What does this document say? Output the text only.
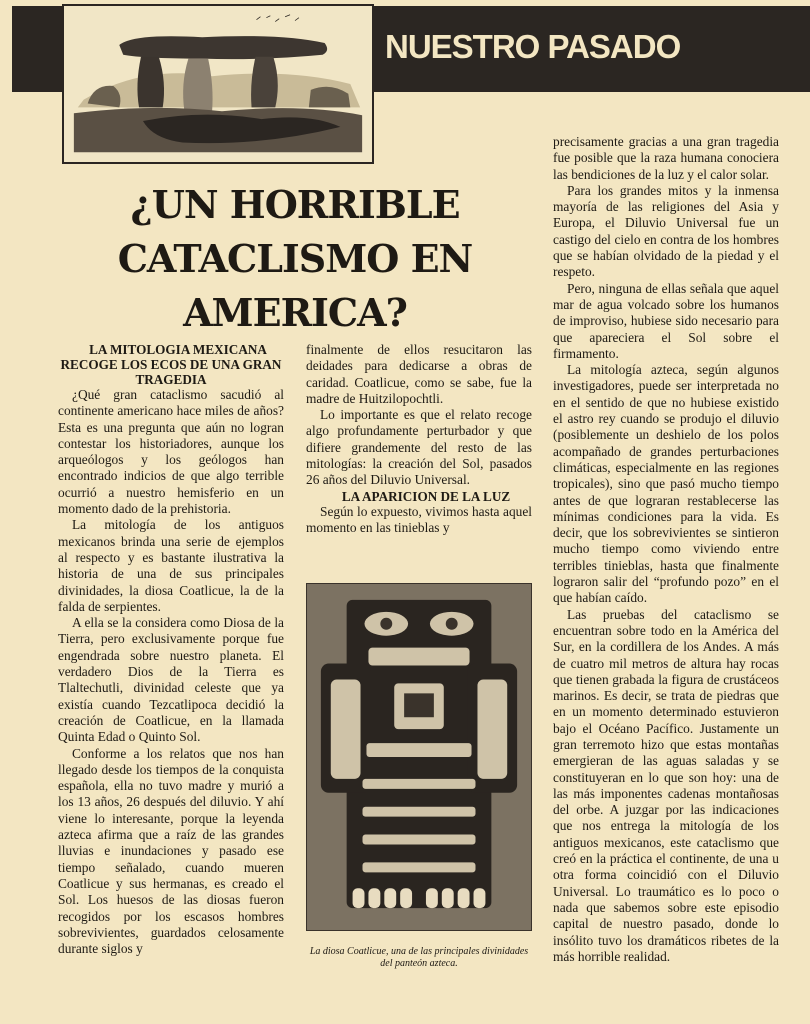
NUESTRO PASADO
¿UN HORRIBLE
CATACLISMO EN
AMERICA?

LA MITOLOGIA MEXICANA RECOGE LOS ECOS DE UNA GRAN TRAGEDIA

¿Qué gran cataclismo sacudió al continente americano hace miles de años? Esta es una pregunta que aún no logran contestar los historiadores, aunque los arqueólogos y los geólogos han encontrado indicios de que algo terrible ocurrió a nuestro hemisferio en un momento dado de la prehistoria.

La mitología de los antiguos mexicanos brinda una serie de ejemplos al respecto y es bastante ilustrativa la historia de una de sus principales divinidades, la diosa Coatlicue, la de la falda de serpientes.

A ella se la considera como Diosa de la Tierra, pero exclusivamente porque fue engendrada sobre nuestro planeta. El verdadero Dios de la Tierra es Tlaltechutli, divinidad celeste que ya existía cuando Tezcatlipoca decidió la creación de Coatlicue, en la llamada Quinta Edad o Quinto Sol.

Conforme a los relatos que nos han llegado desde los tiempos de la conquista española, ella no tuvo madre y murió a los 13 años, 26 después del diluvio. Y ahí viene lo interesante, porque la leyenda azteca afirma que a raíz de las grandes lluvias e inundaciones y pasado ese tiempo señalado, cuando mueren Coatlicue y sus hermanas, es creado el Sol. Los huesos de las diosas fueron recogidos por los escasos hombres sobrevivientes, guardados celosamente durante siglos y

finalmente de ellos resucitaron las deidades para dedicarse a obras de caridad. Coatlicue, como se sabe, fue la madre de Huitzilopochtli.

Lo importante es que el relato recoge algo profundamente perturbador y que difiere grandemente del resto de las mitologías: la creación del Sol, pasados 26 años del Diluvio Universal.

LA APARICION DE LA LUZ

Según lo expuesto, vivimos hasta aquel momento en las tinieblas y

La diosa Coatlicue, una de las principales divinidades del panteón azteca.

precisamente gracias a una gran tragedia fue posible que la raza humana conociera las bendiciones de la luz y el calor solar.

Para los grandes mitos y la inmensa mayoría de las religiones del Asia y Europa, el Diluvio Universal fue un castigo del cielo en contra de los hombres que se habían olvidado de la piedad y el respeto.

Pero, ninguna de ellas señala que aquel mar de agua volcado sobre los humanos de improviso, hubiese sido necesario para que apareciera el Sol sobre el firmamento.

La mitología azteca, según algunos investigadores, puede ser interpretada no en el sentido de que no hubiese existido el astro rey cuando se produjo el diluvio (posiblemente un deshielo de los polos acompañado de grandes perturbaciones climáticas, especialmente en las regiones tropicales), sino que pasó mucho tiempo antes de que lograran restablecerse las mínimas condiciones para la vida. Es decir, que los sobrevivientes se sintieron mucho tiempo como viviendo entre terribles tinieblas, hasta que finalmente lograron salir del “profundo pozo” en el que habían caído.

Las pruebas del cataclismo se encuentran sobre todo en la América del Sur, en la cordillera de los Andes. A más de cuatro mil metros de altura hay rocas que tienen grabada la figura de crustáceos marinos. Es decir, se trata de piedras que en un momento determinado estuvieron bajo el Océano Pacífico. Justamente un gran terremoto hizo que estas montañas emergieran de las aguas saladas y se constituyeran en lo que son hoy: una de las más imponentes cadenas montañosas del orbe. A juzgar por las indicaciones que nos entrega la mitología de los antiguos mexicanos, este cataclismo que creó en la práctica el continente, de una u otra forma coincidió con el Diluvio Universal. Lo traumático es lo poco o nada que sabemos sobre este episodio capital de nuestro pasado, donde lo insólito tuvo los dramáticos ribetes de la más horrible realidad.
